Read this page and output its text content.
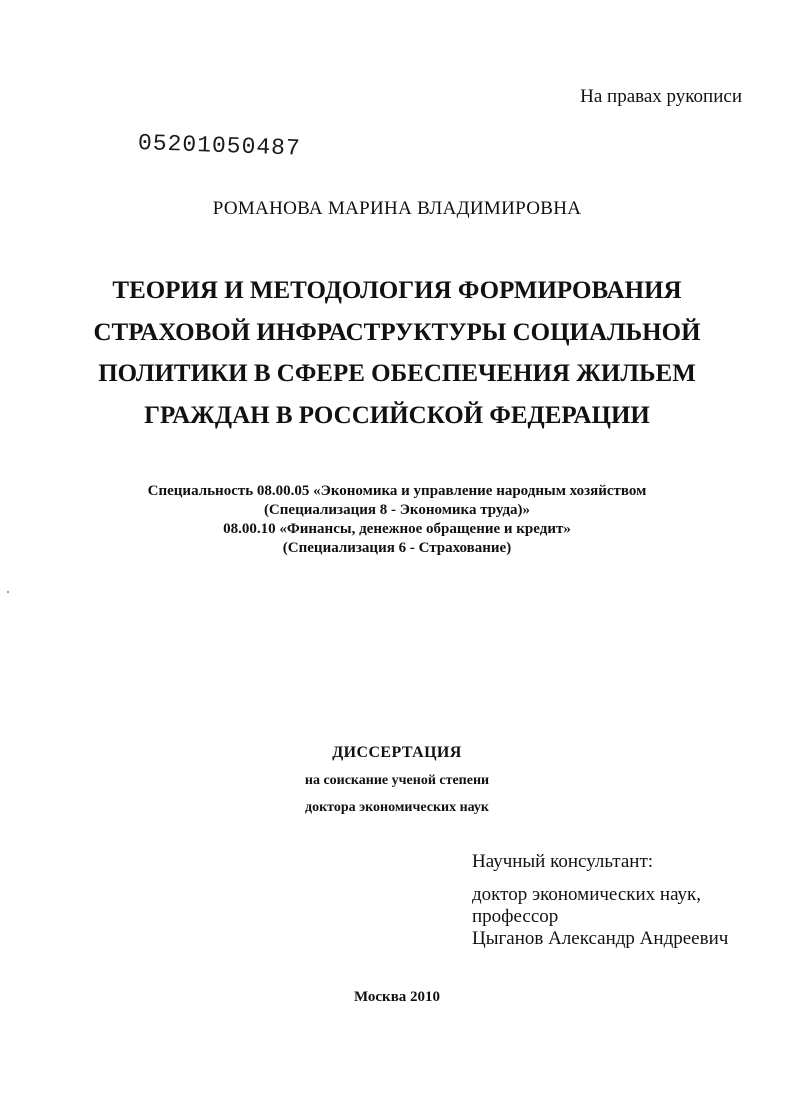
На правах рукописи
05201050487
РОМАНОВА МАРИНА ВЛАДИМИРОВНА
ТЕОРИЯ И МЕТОДОЛОГИЯ ФОРМИРОВАНИЯ
СТРАХОВОЙ ИНФРАСТРУКТУРЫ СОЦИАЛЬНОЙ
ПОЛИТИКИ В СФЕРЕ ОБЕСПЕЧЕНИЯ ЖИЛЬЕМ
ГРАЖДАН В РОССИЙСКОЙ ФЕДЕРАЦИИ
Специальность 08.00.05 «Экономика и управление народным хозяйством
(Специализация 8 - Экономика труда)»
08.00.10 «Финансы, денежное обращение и кредит»
(Специализация 6 - Страхование)
ДИССЕРТАЦИЯ
на соискание ученой степени
доктора экономических наук
Научный консультант:
доктор экономических наук,
профессор
Цыганов Александр Андреевич
Москва 2010
